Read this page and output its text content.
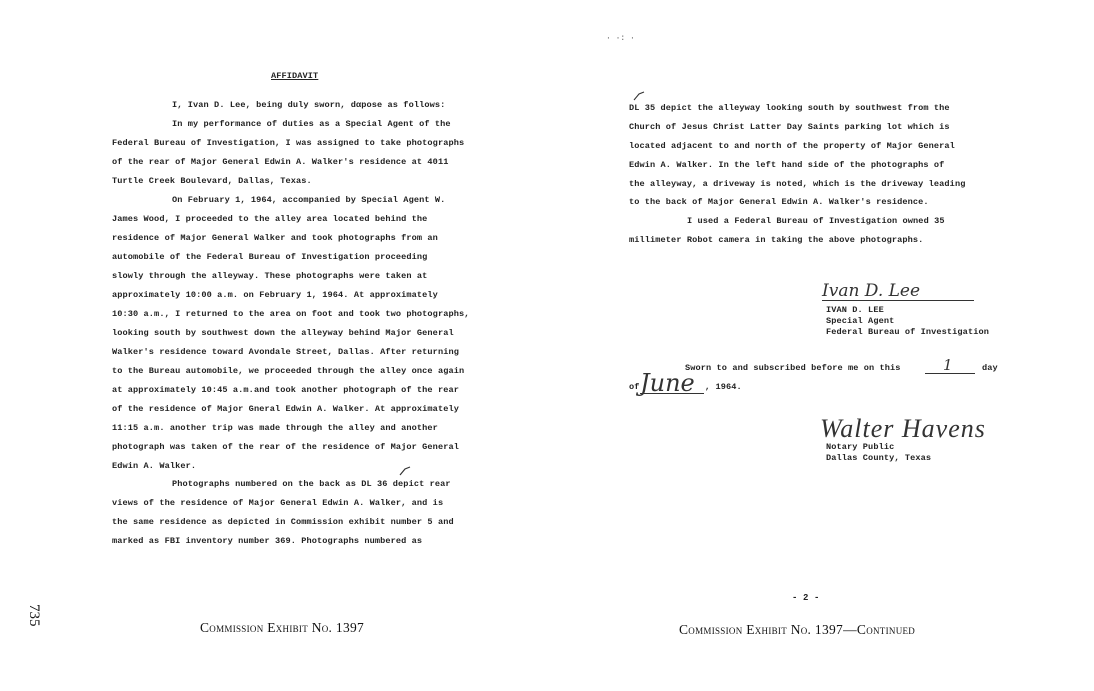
AFFIDAVIT
I, Ivan D. Lee, being duly sworn, dαpose as follows:
In my performance of duties as a Special Agent of the
Federal Bureau of Investigation, I was assigned to take photographs
of the rear of Major General Edwin A. Walker's residence at 4011
Turtle Creek Boulevard, Dallas, Texas.
On February 1, 1964, accompanied by Special Agent W.
James Wood, I proceeded to the alley area located behind the
residence of Major General Walker and took photographs from an
automobile of the Federal Bureau of Investigation proceeding
slowly through the alleyway. These photographs were taken at
approximately 10:00 a.m. on February 1, 1964. At approximately
10:30 a.m., I returned to the area on foot and took two photographs,
looking south by southwest down the alleyway behind Major General
Walker's residence toward Avondale Street, Dallas. After returning
to the Bureau automobile, we proceeded through the alley once again
at approximately 10:45 a.m.and took another photograph of the rear
of the residence of Major Gneral Edwin A. Walker. At approximately
11:15 a.m. another trip was made through the alley and another
photograph was taken of the rear of the residence of Major General
Edwin A. Walker.
Photographs numbered on the back as DL 36 depict rear
views of the residence of Major General Edwin A. Walker, and is
the same residence as depicted in Commission exhibit number 5 and
marked as FBI inventory number 369. Photographs numbered as
735
Commission Exhibit No. 1397
· ·: ·
DL 35 depict the alleyway looking south by southwest from the
Church of Jesus Christ Latter Day Saints parking lot which is
located adjacent to and north of the property of Major General
Edwin A. Walker. In the left hand side of the photographs of
the alleyway, a driveway is noted, which is the driveway leading
to the back of Major General Edwin A. Walker's residence.
I used a Federal Bureau of Investigation owned 35
millimeter Robot camera in taking the above photographs.
Ivan D. Lee
IVAN D. LEE
Special Agent
Federal Bureau of Investigation
Sworn to and subscribed before me on this	1	day
of June , 1964.
Walter Havens
Notary Public
Dallas County, Texas
- 2 -
Commission Exhibit No. 1397—Continued
